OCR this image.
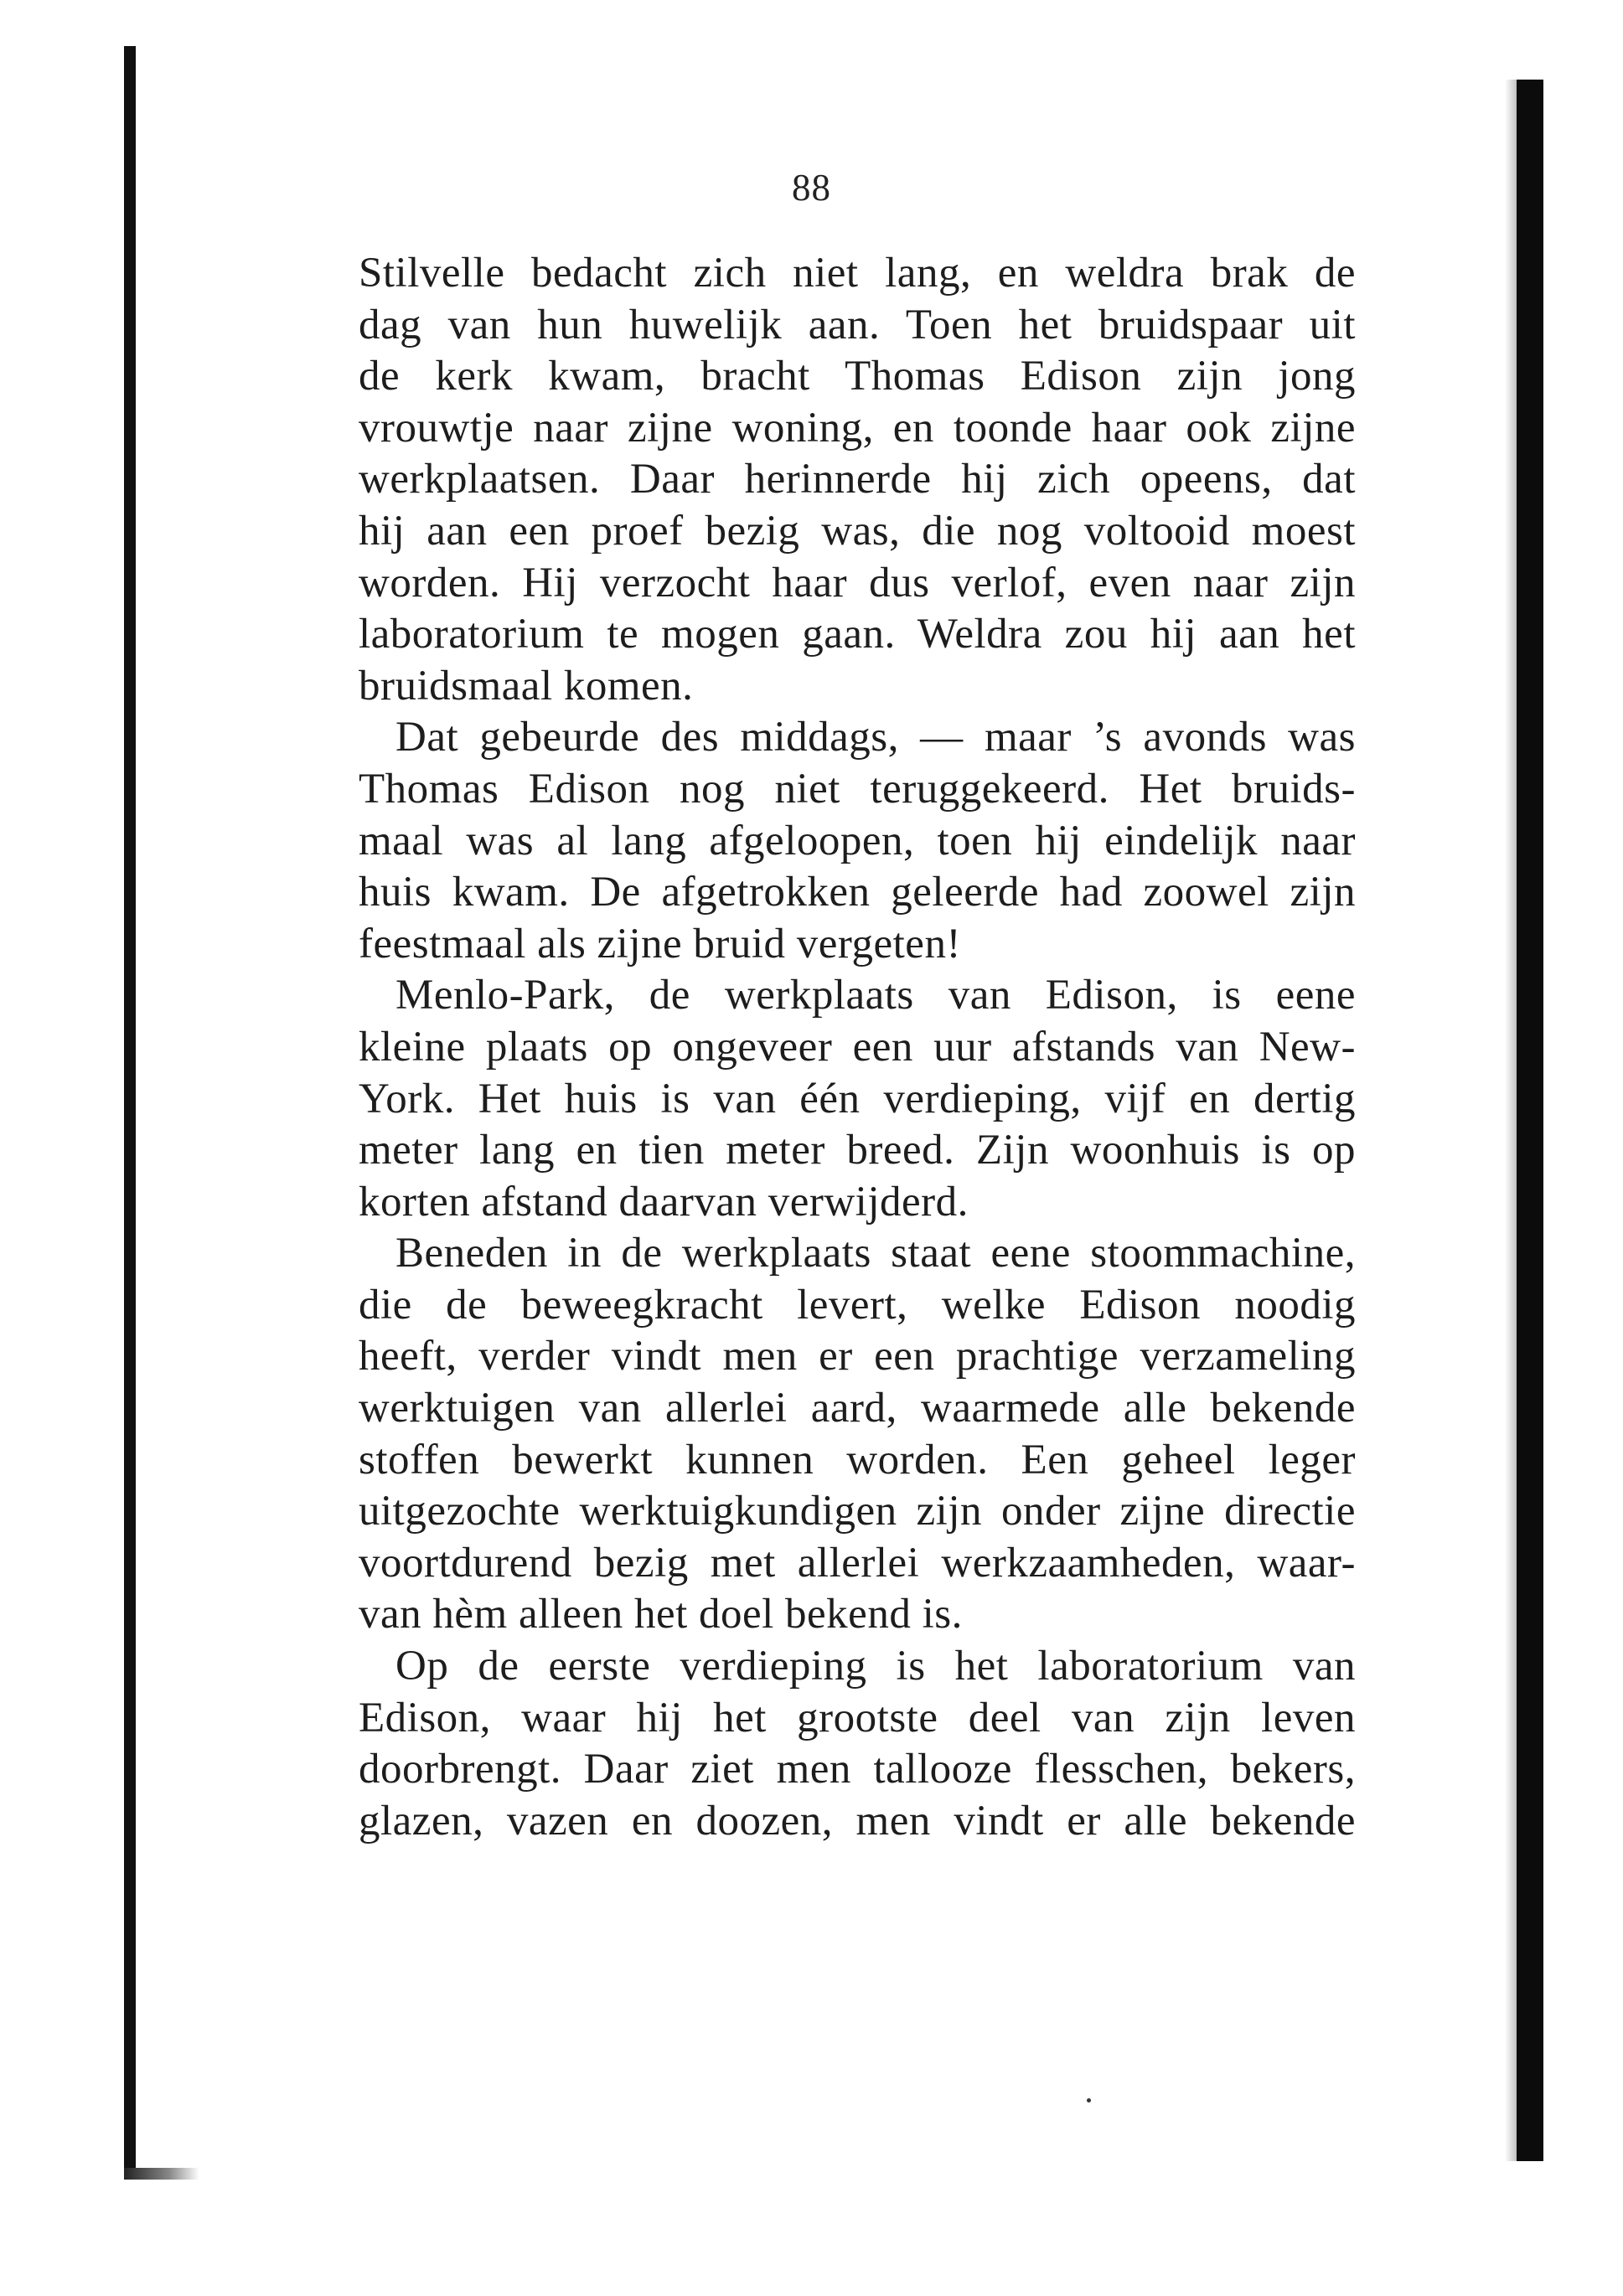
88
Stilvelle bedacht zich niet lang, en weldra brak de
dag van hun huwelijk aan. Toen het bruidspaar uit
de kerk kwam, bracht Thomas Edison zijn jong
vrouwtje naar zijne woning, en toonde haar ook zijne
werkplaatsen. Daar herinnerde hij zich opeens, dat
hij aan een proef bezig was, die nog voltooid moest
worden. Hij verzocht haar dus verlof, even naar zijn
laboratorium te mogen gaan. Weldra zou hij aan het
bruidsmaal komen.
Dat gebeurde des middags, — maar ’s avonds was
Thomas Edison nog niet teruggekeerd. Het bruids-
maal was al lang afgeloopen, toen hij eindelijk naar
huis kwam. De afgetrokken geleerde had zoowel zijn
feestmaal als zijne bruid vergeten!
Menlo-Park, de werkplaats van Edison, is eene
kleine plaats op ongeveer een uur afstands van New-
York. Het huis is van één verdieping, vijf en dertig
meter lang en tien meter breed. Zijn woonhuis is op
korten afstand daarvan verwijderd.
Beneden in de werkplaats staat eene stoommachine,
die de beweegkracht levert, welke Edison noodig
heeft, verder vindt men er een prachtige verzameling
werktuigen van allerlei aard, waarmede alle bekende
stoffen bewerkt kunnen worden. Een geheel leger
uitgezochte werktuigkundigen zijn onder zijne directie
voortdurend bezig met allerlei werkzaamheden, waar-
van hèm alleen het doel bekend is.
Op de eerste verdieping is het laboratorium van
Edison, waar hij het grootste deel van zijn leven
doorbrengt. Daar ziet men tallooze flesschen, bekers,
glazen, vazen en doozen, men vindt er alle bekende
